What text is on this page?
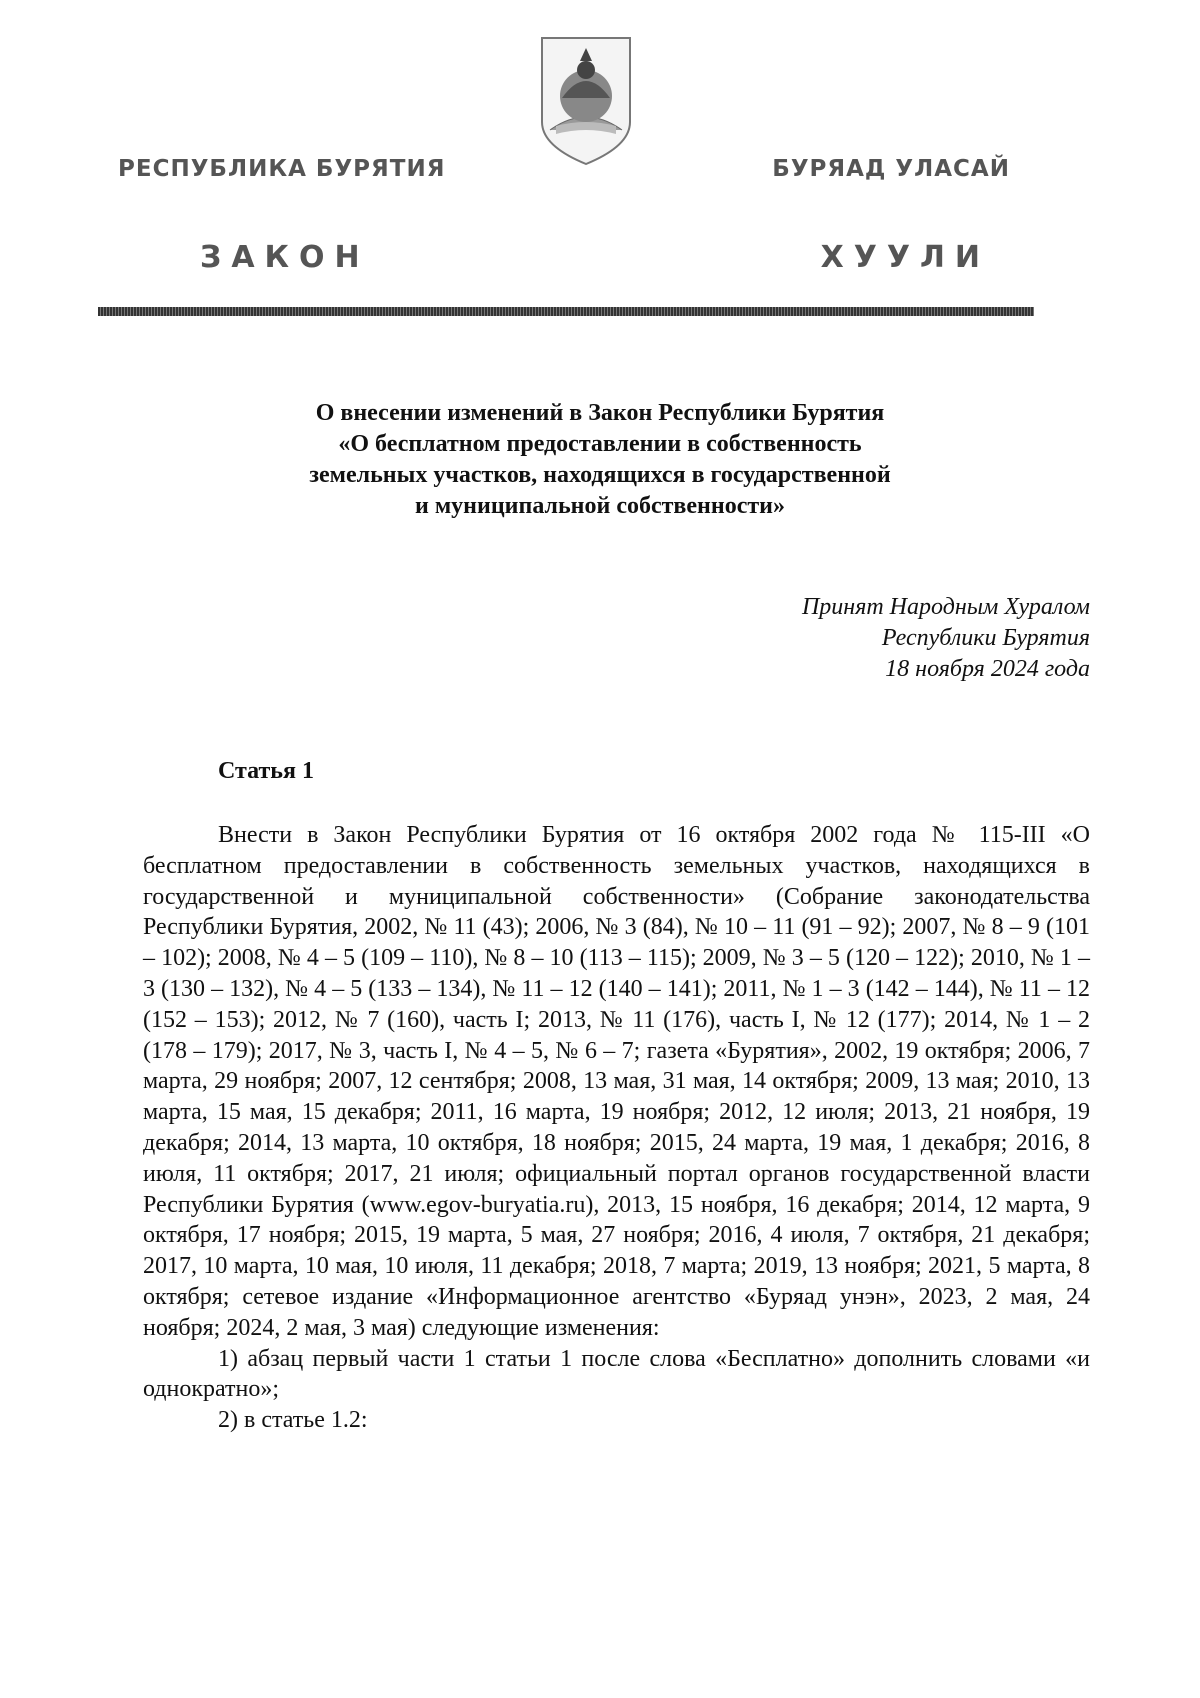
РЕСПУБЛИКА БУРЯТИЯ	БУРЯАД УЛАСАЙ
ЗАКОН	ХУУЛИ
О внесении изменений в Закон Республики Бурятия
«О бесплатном предоставлении в собственность
земельных участков, находящихся в государственной
и муниципальной собственности»
Принят Народным Хуралом
Республики Бурятия
18 ноября 2024 года
Статья 1

Внести в Закон Республики Бурятия от 16 октября 2002 года № 115-III «О бесплатном предоставлении в собственность земельных участков, находящихся в государственной и муниципальной собственности» (Собрание законодательства Республики Бурятия, 2002, № 11 (43); 2006, № 3 (84), № 10 – 11 (91 – 92); 2007, № 8 – 9 (101 – 102); 2008, № 4 – 5 (109 – 110), № 8 – 10 (113 – 115); 2009, № 3 – 5 (120 – 122); 2010, № 1 – 3 (130 – 132), № 4 – 5 (133 – 134), № 11 – 12 (140 – 141); 2011, № 1 – 3 (142 – 144), № 11 – 12 (152 – 153); 2012, № 7 (160), часть I; 2013, № 11 (176), часть I, № 12 (177); 2014, № 1 – 2 (178 – 179); 2017, № 3, часть I, № 4 – 5, № 6 – 7; газета «Бурятия», 2002, 19 октября; 2006, 7 марта, 29 ноября; 2007, 12 сентября; 2008, 13 мая, 31 мая, 14 октября; 2009, 13 мая; 2010, 13 марта, 15 мая, 15 декабря; 2011, 16 марта, 19 ноября; 2012, 12 июля; 2013, 21 ноября, 19 декабря; 2014, 13 марта, 10 октября, 18 ноября; 2015, 24 марта, 19 мая, 1 декабря; 2016, 8 июля, 11 октября; 2017, 21 июля; официальный портал органов государственной власти Республики Бурятия (www.egov-buryatia.ru), 2013, 15 ноября, 16 декабря; 2014, 12 марта, 9 октября, 17 ноября; 2015, 19 марта, 5 мая, 27 ноября; 2016, 4 июля, 7 октября, 21 декабря; 2017, 10 марта, 10 мая, 10 июля, 11 декабря; 2018, 7 марта; 2019, 13 ноября; 2021, 5 марта, 8 октября; сетевое издание «Информационное агентство «Буряад унэн», 2023, 2 мая, 24 ноября; 2024, 2 мая, 3 мая) следующие изменения:

1) абзац первый части 1 статьи 1 после слова «Бесплатно» дополнить словами «и однократно»;

2) в статье 1.2:
